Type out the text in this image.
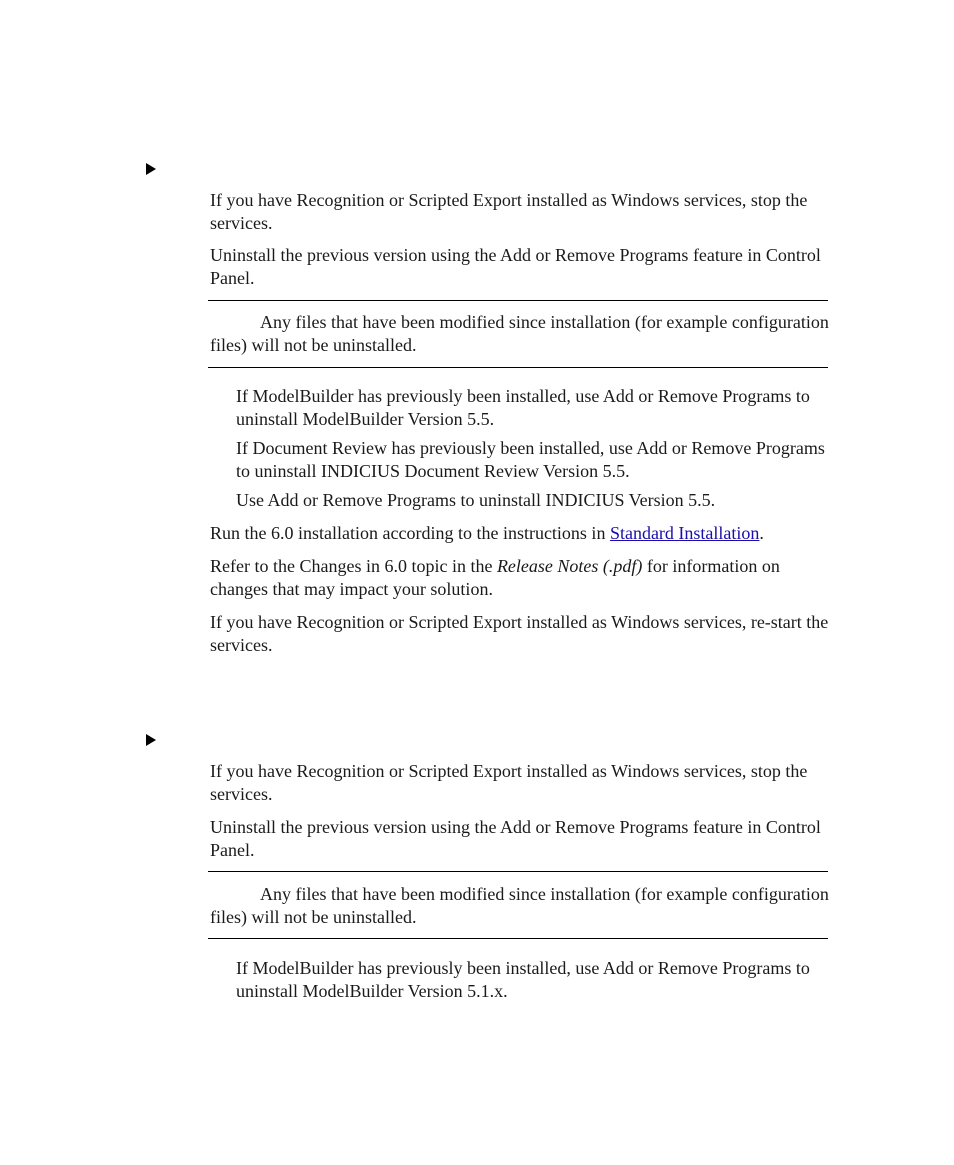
If you have Recognition or Scripted Export installed as Windows services, stop the services.
Uninstall the previous version using the Add or Remove Programs feature in Control Panel.
Any files that have been modified since installation (for example configuration files) will not be uninstalled.
If ModelBuilder has previously been installed, use Add or Remove Programs to uninstall ModelBuilder Version 5.5.
If Document Review has previously been installed, use Add or Remove Programs to uninstall INDICIUS Document Review Version 5.5.
Use Add or Remove Programs to uninstall INDICIUS Version 5.5.
Run the 6.0 installation according to the instructions in Standard Installation.
Refer to the Changes in 6.0 topic in the Release Notes (.pdf) for information on changes that may impact your solution.
If you have Recognition or Scripted Export installed as Windows services, re-start the services.
If you have Recognition or Scripted Export installed as Windows services, stop the services.
Uninstall the previous version using the Add or Remove Programs feature in Control Panel.
Any files that have been modified since installation (for example configuration files) will not be uninstalled.
If ModelBuilder has previously been installed, use Add or Remove Programs to uninstall ModelBuilder Version 5.1.x.
